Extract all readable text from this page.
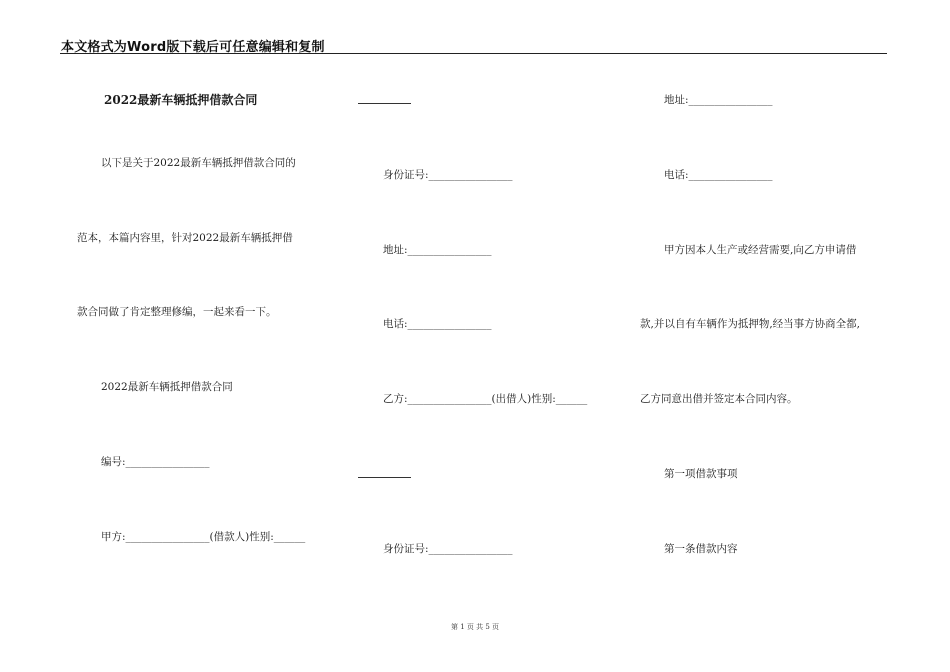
本文格式为Word版下载后可任意编辑和复制
2022最新车辆抵押借款合同
以下是关于2022最新车辆抵押借款合同的
范本，本篇内容里，针对2022最新车辆抵押借
款合同做了肯定整理修编，一起来看一下。
2022最新车辆抵押借款合同
编号:________________
甲方:________________(借款人)性别:______
身份证号:________________
地址:________________
电话:________________
乙方:________________(出借人)性别:______
身份证号:________________
地址:________________
电话:________________
甲方因本人生产或经营需要,向乙方申请借
款,并以自有车辆作为抵押物,经当事方协商全都,
乙方同意出借并签定本合同内容。
第一项借款事项
第一条借款内容
第 1 页 共 5 页
